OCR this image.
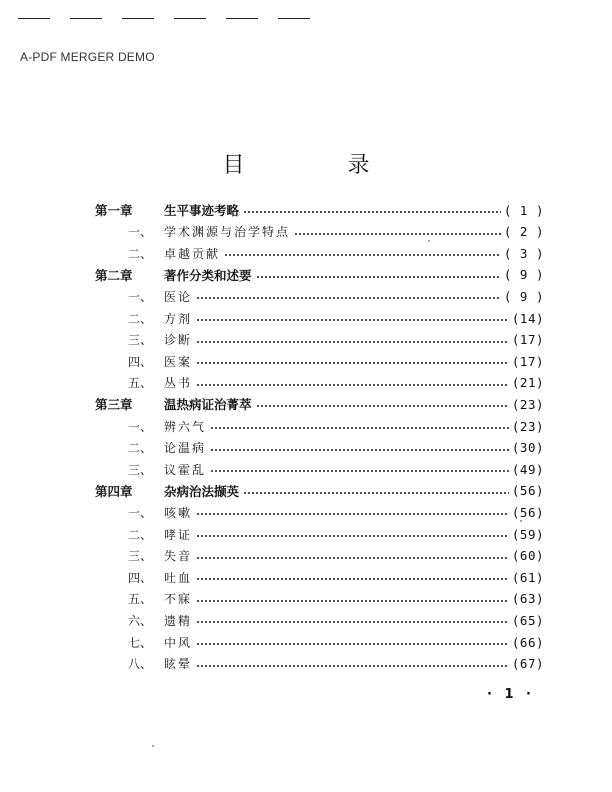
A-PDF MERGER DEMO
目 录
第一章	生平事迹考略	( 1 )
一、 学术渊源与治学特点	( 2 )
二、 卓越贡献	( 3 )
第二章	著作分类和述要	( 9 )
一、 医论	( 9 )
二、 方剂	(14)
三、 诊断	(17)
四、 医案	(17)
五、 丛书	(21)
第三章	温热病证治菁萃	(23)
一、 辨六气	(23)
二、 论温病	(30)
三、 议霍乱	(49)
第四章	杂病治法撷英	(56)
一、 咳嗽	(56)
二、 哮证	(59)
三、 失音	(60)
四、 吐血	(61)
五、 不寐	(63)
六、 遗精	(65)
七、 中风	(66)
八、 眩晕	(67)
· 1 ·
